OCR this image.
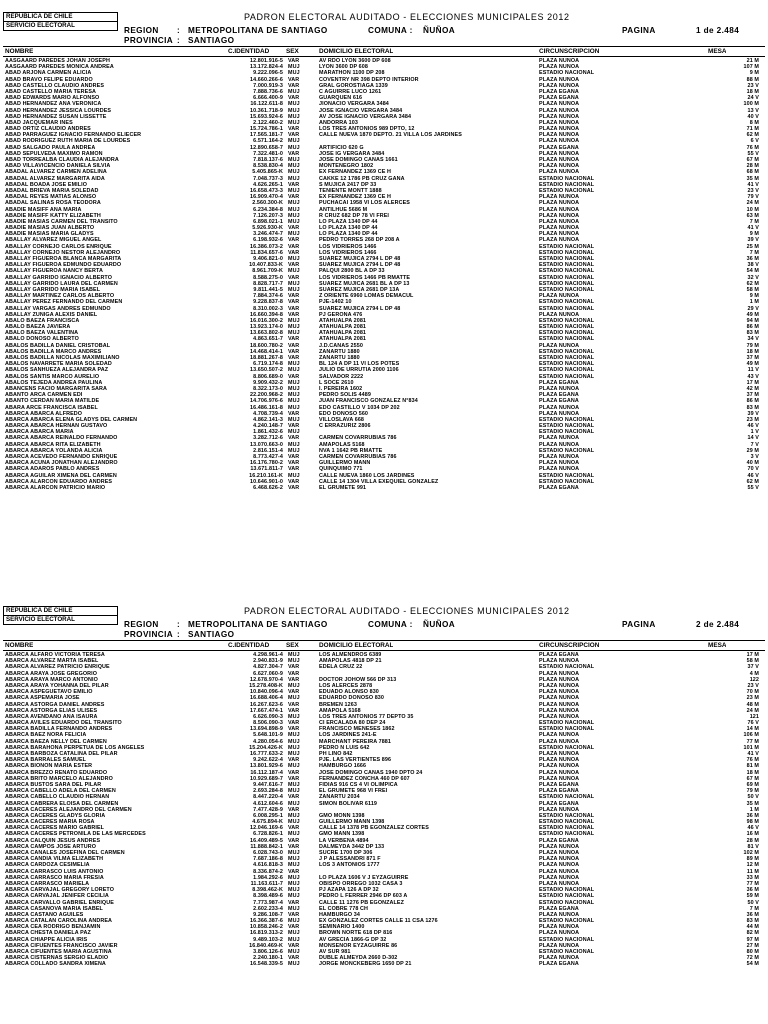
REPUBLICA DE CHILE
SERVICIO ELECTORAL
PADRON ELECTORAL AUDITADO - ELECCIONES MUNICIPALES 2012
REGION : METROPOLITANA DE SANTIAGO
PROVINCIA : SANTIAGO
COMUNA : ÑUÑOA	PAGINA	1 de 2.484
NOMBRE	C.IDENTIDAD	SEX	DOMICILIO ELECTORAL	CIRCUNSCRIPCION	MESA
AASGAARD PAREDES JOHAN JOSEPH	12.801.916-5 VAR	AV RDO LYON 3600 DP 608	PLAZA ÑUÑOA	21 M
AASGAARD PAREDES MONICA ANDREA	13.172.824-4 MUJ	LYON 3600 DP 608	PLAZA ÑUÑOA	107 M
ABAD ARJONA CARMEN ALICIA	9.222.096-5 MUJ	MARATHON 1100 DP 208	ESTADIO NACIONAL	9 M
ABAD BRAVO FELIPE EDUARDO	14.660.266-6 VAR	COVENTRY NR 398 DEPTO INTERIOR	PLAZA ÑUÑOA	88 M
ABAD CASTELLO CLAUDIO ANDRES	7.000.919-3 VAR	GRAL GOROSTIAGA 1339	PLAZA ÑUÑOA	23 V
ABAD CASTELLO MARIA TERESA	7.888.736-6 MUJ	C AGUIRRE LUCO 1261	PLAZA EGAÑA	18 M
ABAD EDWARDS MARIO ALFONSO	6.666.400-9 VAR	GUARQUEN 616	PLAZA EGAÑA	24 V
ABAD HERNANDEZ ANA VERONICA	16.122.611-8 MUJ	JIONACIO VERGARA 3484	PLAZA ÑUÑOA	100 M
ABAD HERNANDEZ JESSICA LOURDES	10.361.718-9 MUJ	JOSE IGNACIO VERGARA 3484	PLAZA ÑUÑOA	13 V
ABAD HERNANDEZ SUSAN LISSETTE	15.693.924-6 MUJ	AV JOSE IGNACIO VERGARA 3484	PLAZA ÑUÑOA	40 V
ABAD JACQUEMAR INES	2.122.460-2 MUJ	ANDORRA 103	PLAZA ÑUÑOA	8 M
ABAD ORTIZ CLAUDIO ANDRES	15.724.786-1 VAR	LOS TRES ANTONIOS 989 DPTO, 12	PLAZA ÑUÑOA	71 M
ABAD PARRAGUEZ IGNACIO FERNANDO ELIECER	17.565.181-7 VAR	CALLE NUEVA 1870 DEPTO. 21 VILLA LOS JARDINES	PLAZA ÑUÑOA	62 M
ABAD RODRIGUEZ RUTH MARIA DE LOURDES	6.571.164-2 MUJ	PLAZA ÑUÑOA	6 V
ABAD SALGADO PAULA ANDREA	12.890.658-7 MUJ	ARTIFICIO 620 G	PLAZA EGAÑA	76 M
ABAD SEPULVEDA MAXIMO RAMON	7.322.481-0 VAR	JOSE IG VERGARA 3484	PLAZA ÑUÑOA	55 V
ABAD TORREALBA CLAUDIA ALEJANDRA	7.818.137-6 MUJ	JOSE DOMINGO CAÑAS 1661	PLAZA ÑUÑOA	67 M
ABAD VILLAVICENCIO DANIELA SILVIA	8.538.830-4 MUJ	MONTENEGRO 1802	PLAZA ÑUÑOA	28 M
ABADAL ALVAREZ CARMEN ADELINA	5.405.865-K MUJ	EX FERNANDEZ 1369 CE H	PLAZA ÑUÑOA	68 M
ABADAL ALVAREZ MARGARITA AIDA	7.048.737-3 MUJ	CAKKE 12 1786 PB CRUZ GANA	ESTADIO NACIONAL	35 M
ABADAL BOADA JOSE EMILIO	4.626.265-1 VAR	S MUJICA 2417 DP 33	ESTADIO NACIONAL	41 V
ABADAL BRIEVA MARIA SOLEDAD	16.658.473-3 MUJ	TENIENTE MONTT 1888	ESTADIO NACIONAL	23 V
ABADAL REYES MATIAS ALONSO	16.909.470-4 VAR	EX FERNANDEZ 1369 CE H	PLAZA ÑUÑOA	79 V
ABADAL SALINAS ROSA TEODORA	2.560.300-K MUJ	PUCHACAI 1958 VI LOS ALERCES	PLAZA ÑUÑOA	24 M
ABADIE MASIFF ANA MARIA	6.234.384-8 MUJ	ANTILHUE 5686 M	PLAZA ÑUÑOA	10 M
ABADIE MASIFF KATTY ELIZABETH	7.126.207-3 MUJ	R CRUZ 682 DP 78 VI FREI	PLAZA ÑUÑOA	63 M
ABADIE MASIAS CARMEN DEL TRANSITO	6.898.021-1 MUJ	LO PLAZA 1340 DP 44	PLAZA ÑUÑOA	7 M
ABADIE MASIAS JUAN ALBERTO	5.926.930-K VAR	LO PLAZA 1340 DP 44	PLAZA ÑUÑOA	41 V
ABADIE MASIAS MARIA GLADYS	3.246.474-7 MUJ	LO PLAZA 1340 DP 44	PLAZA ÑUÑOA	9 M
ABALLAY ALVAREZ MIGUEL ANGEL	6.198.932-6 VAR	PEDRO TORRES 268 DP 208 A	PLAZA ÑUÑOA	39 V
ABALLAY CORNEJO CARLOS ENRIQUE	16.386.073-2 VAR	LOS VIDRIEROS 1466	ESTADIO NACIONAL	25 M
ABALLAY CORNEJO NESTOR ALEJANDRO	11.834.657-6 VAR	LOS VIDRIEROS 1466	ESTADIO NACIONAL	7 M
ABALLAY FIGUEROA BLANCA MARGARITA	9.406.821-0 MUJ	SUAREZ MUJICA 2794 L DP 48	ESTADIO NACIONAL	36 M
ABALLAY FIGUEROA EDMUNDO EDUARDO	10.407.833-K VAR	SUAREZ MUJICA 2794 L DP 48	ESTADIO NACIONAL	38 V
ABALLAY FIGUEROA NANCY BERTA	8.961.709-K MUJ	PALQUI 2800 BL A DP 33	ESTADIO NACIONAL	54 M
ABALLAY GARRIDO IGNACIO ALBERTO	8.588.275-0 VAR	LOS VIDRIEROS 1466 PB RMATTE	ESTADIO NACIONAL	32 V
ABALLAY GARRIDO LAURA DEL CARMEN	8.828.717-7 MUJ	SUAREZ MUJICA 2681 BL A DP 13	ESTADIO NACIONAL	62 M
ABALLAY GARRIDO MARIA ISABEL	9.811.441-5 MUJ	SUAREZ MUJICA 2681 DP 13A	ESTADIO NACIONAL	58 M
ABALLAY MARTINEZ CARLOS ALBERTO	7.884.374-6 VAR	Z ORIENTE 6960 LOMAS DEMACUL	PLAZA ÑUÑOA	9 M
ABALLAY PEREZ FERNANDO DEL CARMEN	9.228.837-8 VAR	PJE-1402 10	ESTADIO NACIONAL	1 M
ABALLAY VARGAS ANDRES EDMUNDO	8.310.002-3 VAR	SUAREZ MUJICA 2794 L DP 48	ESTADIO NACIONAL	29 V
ABALLAY ZUÑIGA ALEXIS DANIEL	16.660.394-8 VAR	PJ GERONA 476	PLAZA ÑUÑOA	49 M
ABALO BAEZA FRANCISCA	16.016.300-2 MUJ	ATAHUALPA 2081	ESTADIO NACIONAL	94 M
ABALO BAEZA JAVIERA	13.923.174-0 MUJ	ATAHUALPA 2081	ESTADIO NACIONAL	86 M
ABALO BAEZA VALENTINA	13.663.802-8 MUJ	ATAHUALPA 2081	ESTADIO NACIONAL	83 M
ABALO DONOSO ALBERTO	4.863.651-7 VAR	ATAHUALPA 2081	ESTADIO NACIONAL	34 V
ABALOS BADILLA DANIEL CRISTOBAL	18.600.780-2 VAR	J.D.CAÑAS 2550	PLAZA ÑUÑOA	79 M
ABALOS BADILLA MARCO ANDRES	14.468.414-1 VAR	ZAÑARTU 1880	ESTADIO NACIONAL	18 M
ABALOS BADILLA NICOLAS MAXIMILIANO	18.881.267-8 VAR	ZAÑARTU 1880	ESTADIO NACIONAL	37 M
ABALOS NAVARRETE MARIA SOLEDAD	6.719.174-8 MUJ	BL 124 A DP 11 VI LOS POTES	ESTADIO NACIONAL	49 M
ABALOS SANHUEZA ALEJANDRA PAZ	13.650.507-2 MUJ	JULIO DE URRUTIA 2000 1106	ESTADIO NACIONAL	11 V
ABALOS SANTIS MARCO AURELIO	8.806.689-0 VAR	SALVADOR 2222	ESTADIO NACIONAL	43 V
ABALOS TEJEDA ANDREA PAULINA	9.909.432-2 MUJ	L SOCE 2610	PLAZA EGAÑA	17 M
ABANCENS FACIO MARGARITA SARA	8.322.173-0 MUJ	I. PEREIRA 1602	PLAZA ÑUÑOA	42 M
ABANTO ARCA CARMEN EDI	22.200.968-2 MUJ	PEDRO SOLIS 4489	PLAZA EGAÑA	37 M
ABANTO CERDAN MARIA MATILDE	14.706.976-6 MUJ	JUAN FRANCISCO GONZALEZ N°834	PLAZA EGAÑA	86 M
ABARA ARCE FRANCISCA ISABEL	16.486.161-8 MUJ	EDO CASTILLO V 1034 DP 202	PLAZA ÑUÑOA	83 M
ABARCA ABARCA ALFREDO	4.708.739-4 VAR	EDO DONOSO 560	PLAZA ÑUÑOA	39 V
ABARCA ABARCA ELENA GLADYS DEL CARMEN	4.862.141-3 MUJ	VILLOSLAVA 668	ESTADIO NACIONAL	23 M
ABARCA ABARCA HERNAN GUSTAVO	4.240.148-7 VAR	C ERRAZURIZ 2806	ESTADIO NACIONAL	46 V
ABARCA ABARCA MARIA	1.861.432-6 MUJ	ESTADIO NACIONAL	1 V
ABARCA ABARCA REINALDO FERNANDO	3.282.712-6 VAR	CARMEN COVARRUBIAS 786	PLAZA ÑUÑOA	14 V
ABARCA ABARCA RITA ELIZABETH	13.070.663-0 MUJ	AMAPOLAS 5168	PLAZA ÑUÑOA	7 V
ABARCA ABARCA YOLANDA ALICIA	2.816.151-4 MUJ	NVA 1 1642 PB RMATTE	ESTADIO NACIONAL	29 M
ABARCA ACEVEDO FERNANDO ENRIQUE	8.773.427-4 VAR	CARMEN COVARRUBIAS 786	PLAZA ÑUÑOA	3 V
ABARCA ACUÑA JONATHAN ALEJANDRO	16.176.780-2 VAR	GUILLERMO MANN	PLAZA ÑUÑOA	40 M
ABARCA ADAROS PABLO ANDRES	13.671.811-7 VAR	QUINQUIMO 771	PLAZA ÑUÑOA	70 V
ABARCA AGUILAR XIMENA DEL CARMEN	16.210.161-K MUJ	CALLE NUEVA 1860 LOS JARDINES	ESTADIO NACIONAL	46 V
ABARCA ALARCON EDUARDO ANDRES	10.646.901-0 VAR	CALLE 14 1304 VILLA EXEQUIEL GONZALEZ	ESTADIO NACIONAL	62 M
ABARCA ALARCON PATRICIO MARIO	6.468.626-2 VAR	EL GRUMETE 991	PLAZA EGAÑA	55 V
REPUBLICA DE CHILE
SERVICIO ELECTORAL
PADRON ELECTORAL AUDITADO - ELECCIONES MUNICIPALES 2012
REGION : METROPOLITANA DE SANTIAGO
PROVINCIA : SANTIAGO
COMUNA : ÑUÑOA	PAGINA	2 de 2.484
NOMBRE	C.IDENTIDAD	SEX	DOMICILIO ELECTORAL	CIRCUNSCRIPCION	MESA
ABARCA ALFARO VICTORIA TERESA	4.298.961-4 MUJ	LOS ALMENDROS 6389	PLAZA EGAÑA	17 M
ABARCA ALVAREZ MARTA ISABEL	2.940.831-9 MUJ	AMAPOLAS 4818 DP 21	PLAZA ÑUÑOA	58 M
ABARCA ALVAREZ PATRICIO ENRIQUE	4.827.304-7 VAR	EDELA CRUZ 22	ESTADIO NACIONAL	37 V
ABARCA ARAYA JOSE GREGORIO	6.627.060-9 VAR	PLAZA ÑUÑOA	4 M
ABARCA ARAYA MARCO ANTONIO	12.678.970-4 VAR	DOCTOR JOHOW 566 DP 313	PLAZA ÑUÑOA	122
ABARCA ARAYA YOHANNA DEL PILAR	15.278.408-K MUJ	LOS ALERCES 2878	PLAZA ÑUÑOA	23 V
ABARCA ASPEGUETAVO EMILIO	10.840.096-4 VAR	EDUADO ALONSO 830	PLAZA ÑUÑOA	70 M
ABARCA ASPEMARIA JOSE	16.688.406-4 MUJ	EDUARDO DONOSO 830	PLAZA ÑUÑOA	23 M
ABARCA ASTORGA DANIEL ANDRES	16.267.623-6 VAR	BREMEN 1263	PLAZA ÑUÑOA	48 M
ABARCA ASTORGA ELIAS ULISES	17.667.474-1 VAR	AMAPOLA 5168	PLAZA ÑUÑOA	24 M
ABARCA AVENDAÑO ANA ISAURA	6.626.090-3 MUJ	LOS TRES ANTONIOS 77 DEPTO 35	PLAZA ÑUÑOA	121
ABARCA AVILES EDUARDO DEL TRANSITO	8.506.090-3 VAR	CI ERCALADA 80 DEP 24	ESTADIO NACIONAL	76 V
ABARCA BADILLA FERNANDO ANDRES	13.694.898-9 VAR	FRANCISCO MENESES 1862	ESTADIO NACIONAL	14 M
ABARCA BAEZ NORA FELICIA	5.648.101-9 MUJ	LOS JARDINES 241-E	PLAZA ÑUÑOA	106 M
ABARCA BAEZA NELLY DEL CARMEN	4.280.054-6 MUJ	MARCHANT PEREIRA 7881	PLAZA ÑUÑOA	77 M
ABARCA BARAHONA PERPETUA DE LOS ANGELES	15.204.426-K MUJ	PEDRO N LUIS 642	ESTADIO NACIONAL	101 M
ABARCA BARBOZA CATALINA DEL PILAR	16.777.633-2 MUJ	PH LINO 842	PLAZA ÑUÑOA	41 V
ABARCA BARRALES SAMUEL	9.242.622-4 VAR	PJE. LAS VERTIENTES 896	PLAZA ÑUÑOA	76 M
ABARCA BIONON MARIA ESTER	13.801.929-6 MUJ	HAMBURGO 1666	PLAZA ÑUÑOA	81 M
ABARCA BREZZO RENATO EDUARDO	16.112.187-4 VAR	JOSE DOMINGO CAÑAS 1940 DPTO 24	PLAZA ÑUÑOA	18 M
ABARCA BRITO MARCELO ALEJANDRO	10.929.689-7 VAR	FERNANDEZ CONCHA 460 DP 607	PLAZA ÑUÑOA	67 M
ABARCA BUSTOS SARA DEL PILAR	9.447.616-7 MUJ	FIDIAS 916 CS 4 VI OLIMPICA	PLAZA EGAÑA	69 M
ABARCA CABELLO ADELA DEL CARMEN	2.693.284-8 MUJ	EL GRUMETE 968 VI FREI	PLAZA EGAÑA	79 M
ABARCA CABELLO CLAUDIO HERNAN	8.447.220-4 VAR	ZAÑARTU 2034	ESTADIO NACIONAL	50 V
ABARCA CABRERA ELOISA DEL CARMEN	4.612.604-6 MUJ	SIMON BOLIVAR 6119	PLAZA EGAÑA	35 M
ABARCA CACERES ALEJANDRO DEL CARMEN	7.477.428-9 VAR	PLAZA ÑUÑOA	1 M
ABARCA CACERES GLADYS GLORIA	6.008.295-1 MUJ	GMO MONN 1398	ESTADIO NACIONAL	36 M
ABARCA CACERES MARIA ROSA	4.675.894-K MUJ	GUILLERMO MANN 1398	ESTADIO NACIONAL	98 M
ABARCA CACERES MARIO GABRIEL	12.046.169-6 VAR	CALLE 14 1378 PB EGONZALEZ CORTES	ESTADIO NACIONAL	46 V
ABARCA CACERES PETRONILA DE LAS MERCEDES	6.728.826-1 MUJ	GMO MANN 1398	ESTADIO NACIONAL	16 M
ABARCA CALQUIN JESUS ANDRES	16.409.489-5 VAR	LA VERBENA 4894	PLAZA EGAÑA	28 M
ABARCA CAMPOS JOSE ARTURO	11.888.842-1 VAR	DALMEYDA 3442 DP 133	PLAZA ÑUÑOA	81 V
ABARCA CANALES JOSEFINA DEL CARMEN	6.028.743-0 MUJ	SUCRE 1700 DP 306	PLAZA ÑUÑOA	102 M
ABARCA CANDIA VILMA ELIZABETH	7.687.186-8 MUJ	J P ALESSANDRI 871 F	PLAZA ÑUÑOA	89 M
ABARCA CARDOZA CESIMELIA	4.616.818-3 MUJ	LOS 3 ANTONIOS 1777	PLAZA ÑUÑOA	12 M
ABARCA CARRASCO LUIS ANTONIO	8.336.874-2 VAR	PLAZA ÑUÑOA	11 M
ABARCA CARRASCO MARIA FRESIA	1.984.292-6 MUJ	LO PLAZA 1606 V J EYZAGUIRRE	PLAZA ÑUÑOA	33 M
ABARCA CARRASCO MARIELA	11.163.611-7 MUJ	OBISPO ORREGO 1032 CASA 3	PLAZA ÑUÑOA	77 M
ABARCA CARVAJAL GREGORY LORETO	8.398.462-K MUJ	PJ AZAPA 126 A DP 32	ESTADIO NACIONAL	36 M
ABARCA CARVAJAL JENIFER CECILIA	8.398.489-6 MUJ	PEDRO L FERRER 2946 DP 603 A	ESTADIO NACIONAL	59 M
ABARCA CARVALLO GABRIEL ENRIQUE	7.773.987-4 VAR	CALLE 11 1276 PB EGONZALEZ	ESTADIO NACIONAL	50 V
ABARCA CASANOVA MARIA ISABEL	2.602.233-4 MUJ	EL COBRE 778 CH	PLAZA EGAÑA	7 M
ABARCA CASTAÑO AGUILES	9.286.108-7 VAR	HAMBURGO 34	PLAZA ÑUÑOA	36 M
ABARCA CATALAN CAROLINA ANDREA	16.366.387-6 MUJ	EX GONZALEZ CORTES CALLE 11 CSA 1276	ESTADIO NACIONAL	83 M
ABARCA CEA RODRIGO BENJAMIN	10.858.246-2 VAR	SEMINARIO 1400	PLAZA ÑUÑOA	44 M
ABARCA CHESTA DANIELA PAZ	16.819.313-2 MUJ	BROWN NORTE 618 DP 816	PLAZA ÑUÑOA	82 M
ABARCA CHIAPPE ALICIA IRIS	9.489.103-2 MUJ	AV GRECIA 1866-G DP 32	ESTADIO NACIONAL	97 M
ABARCA CIFUENTES FRANCISCO JAVIER	16.840.469-K VAR	MONSEÑOR EYZAGUIRRE 86	PLAZA ÑUÑOA	27 M
ABARCA CIFUENTES MARIA AGUSTINA	3.806.126-6 MUJ	AV SUR 981	ESTADIO NACIONAL	80 M
ABARCA CISTERNAS SERGIO ELADIO	2.240.180-1 VAR	DUBLE ALMEYDA 2660 D-302	PLAZA ÑUÑOA	72 M
ABARCA COLLADO SANDRA XIMENA	16.548.339-5 MUJ	JORGE MONCKEBERG 1650 DP 21	PLAZA EGAÑA	54 M
